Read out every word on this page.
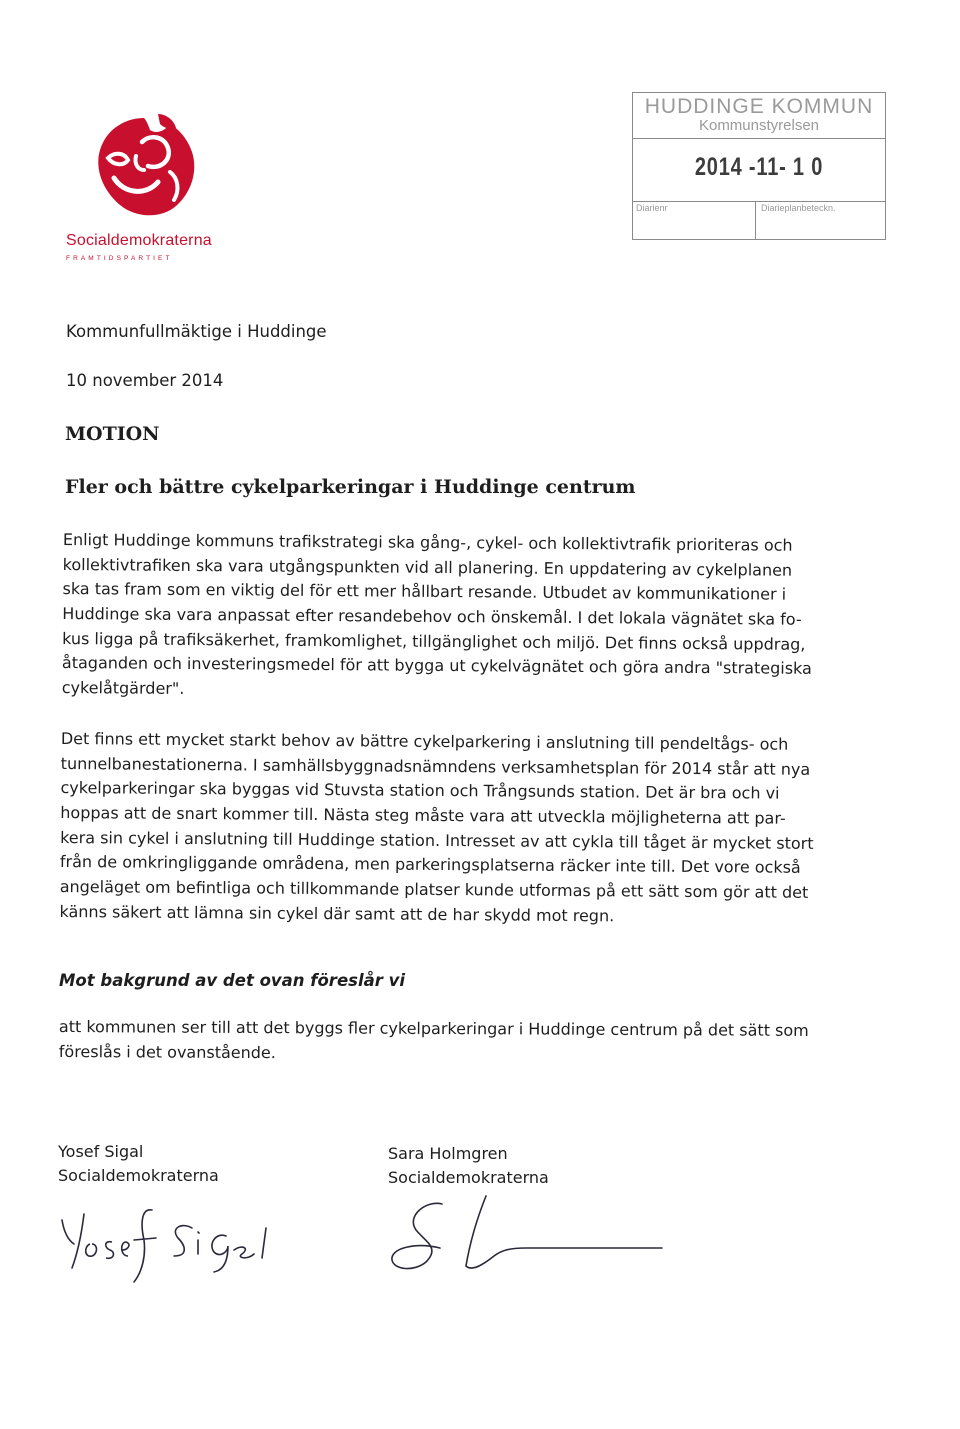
Socialdemokraterna
FRAMTIDSPARTIET
HUDDINGE KOMMUN
Kommunstyrelsen
2014 -11- 1 0
Diarienr	Diarieplanbeteckn.
Kommunfullmäktige i Huddinge
10 november 2014
MOTION
Fler och bättre cykelparkeringar i Huddinge centrum
Enligt Huddinge kommuns trafikstrategi ska gång-, cykel- och kollektivtrafik prioriteras och
kollektivtrafiken ska vara utgångspunkten vid all planering. En uppdatering av cykelplanen
ska tas fram som en viktig del för ett mer hållbart resande. Utbudet av kommunikationer i
Huddinge ska vara anpassat efter resandebehov och önskemål. I det lokala vägnätet ska fo-
kus ligga på trafiksäkerhet, framkomlighet, tillgänglighet och miljö. Det finns också uppdrag,
åtaganden och investeringsmedel för att bygga ut cykelvägnätet och göra andra "strategiska
cykelåtgärder".
Det finns ett mycket starkt behov av bättre cykelparkering i anslutning till pendeltågs- och
tunnelbanestationerna. I samhällsbyggnadsnämndens verksamhetsplan för 2014 står att nya
cykelparkeringar ska byggas vid Stuvsta station och Trångsunds station. Det är bra och vi
hoppas att de snart kommer till. Nästa steg måste vara att utveckla möjligheterna att par-
kera sin cykel i anslutning till Huddinge station. Intresset av att cykla till tåget är mycket stort
från de omkringliggande områdena, men parkeringsplatserna räcker inte till. Det vore också
angeläget om befintliga och tillkommande platser kunde utformas på ett sätt som gör att det
känns säkert att lämna sin cykel där samt att de har skydd mot regn.
Mot bakgrund av det ovan föreslår vi
att kommunen ser till att det byggs fler cykelparkeringar i Huddinge centrum på det sätt som
föreslås i det ovanstående.
Yosef Sigal
Socialdemokraterna
Sara Holmgren
Socialdemokraterna
